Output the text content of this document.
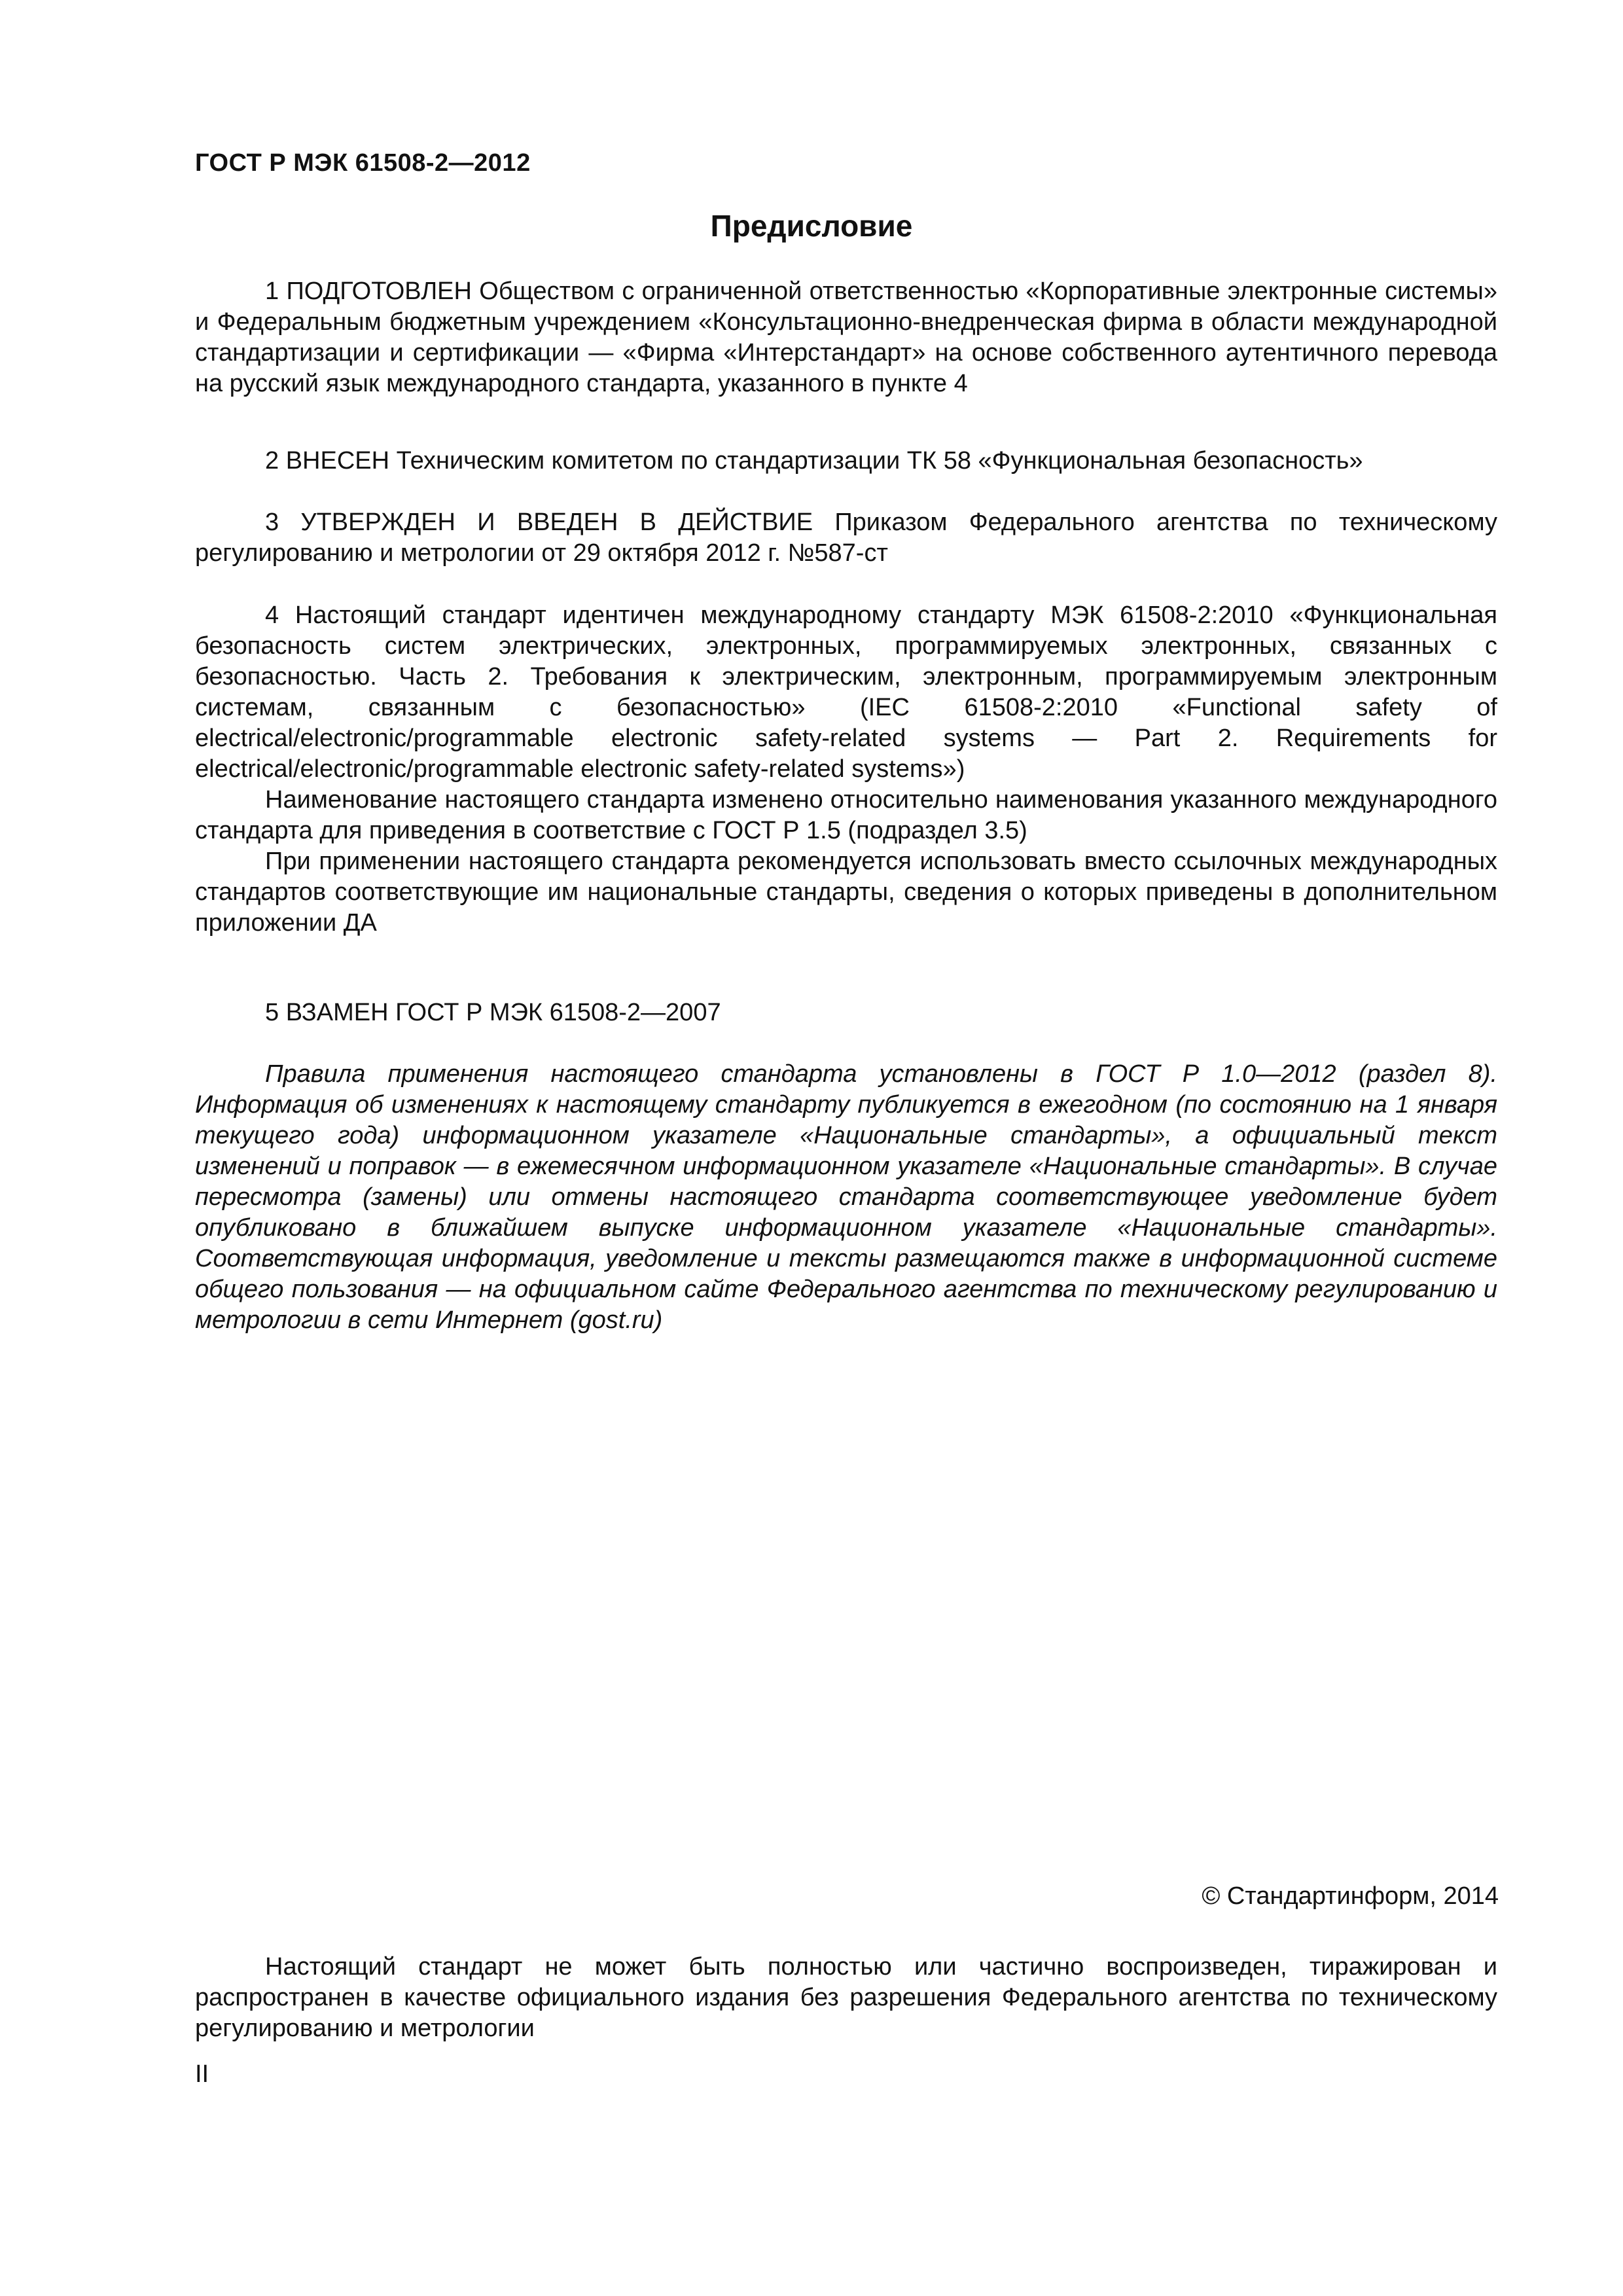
ГОСТ Р МЭК 61508-2—2012
Предисловие

1 ПОДГОТОВЛЕН Обществом с ограниченной ответственностью «Корпоративные электронные системы» и Федеральным бюджетным учреждением «Консультационно-внедренческая фирма в области международной стандартизации и сертификации — «Фирма «Интерстандарт» на основе собственного аутентичного перевода на русский язык международного стандарта, указанного в пункте 4

2 ВНЕСЕН Техническим комитетом по стандартизации ТК 58 «Функциональная безопасность»

3 УТВЕРЖДЕН И ВВЕДЕН В ДЕЙСТВИЕ Приказом Федерального агентства по техническому регулированию и метрологии от 29 октября 2012 г. №587-ст

4 Настоящий стандарт идентичен международному стандарту МЭК 61508-2:2010 «Функциональная безопасность систем электрических, электронных, программируемых электронных, связанных с безопасностью. Часть 2. Требования к электрическим, электронным, программируемым электронным системам, связанным с безопасностью» (IEC 61508-2:2010 «Functional safety of electrical/electronic/programmable electronic safety-related systems — Part 2. Requirements for electrical/electronic/programmable electronic safety-related systems»)

Наименование настоящего стандарта изменено относительно наименования указанного международного стандарта для приведения в соответствие с ГОСТ Р 1.5 (подраздел 3.5)

При применении настоящего стандарта рекомендуется использовать вместо ссылочных международных стандартов соответствующие им национальные стандарты, сведения о которых приведены в дополнительном приложении ДА

5 ВЗАМЕН ГОСТ Р МЭК 61508-2—2007

Правила применения настоящего стандарта установлены в ГОСТ Р 1.0—2012 (раздел 8). Информация об изменениях к настоящему стандарту публикуется в ежегодном (по состоянию на 1 января текущего года) информационном указателе «Национальные стандарты», а официальный текст изменений и поправок — в ежемесячном информационном указателе «Национальные стандарты». В случае пересмотра (замены) или отмены настоящего стандарта соответствующее уведомление будет опубликовано в ближайшем выпуске информационном указателе «Национальные стандарты». Соответствующая информация, уведомление и тексты размещаются также в информационной системе общего пользования — на официальном сайте Федерального агентства по техническому регулированию и метрологии в сети Интернет (gost.ru)

© Стандартинформ, 2014
Настоящий стандарт не может быть полностью или частично воспроизведен, тиражирован и распространен в качестве официального издания без разрешения Федерального агентства по техническому регулированию и метрологии
II
